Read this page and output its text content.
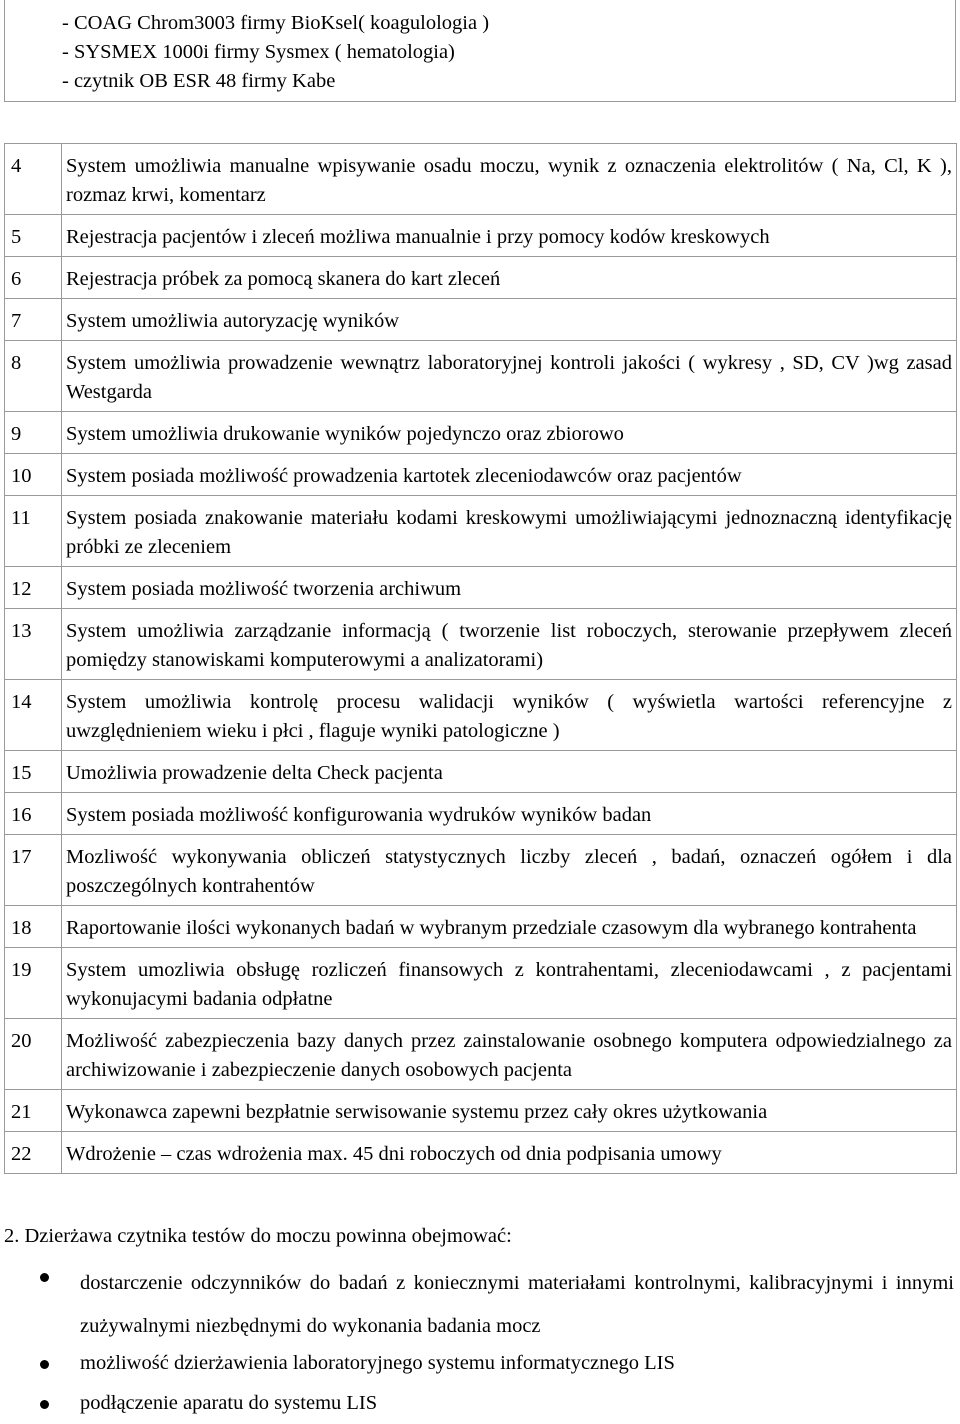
- COAG Chrom3003 firmy BioKsel( koagulologia )
- SYSMEX 1000i firmy Sysmex ( hematologia)
- czytnik OB ESR 48 firmy Kabe
4	System umożliwia manualne wpisywanie osadu moczu, wynik z oznaczenia elektrolitów ( Na, Cl, K ), rozmaz krwi, komentarz
5	Rejestracja pacjentów i zleceń możliwa manualnie i przy pomocy kodów kreskowych
6	Rejestracja próbek za pomocą skanera do kart zleceń
7	System umożliwia autoryzację wyników
8	System umożliwia prowadzenie wewnątrz laboratoryjnej kontroli jakości ( wykresy , SD, CV )wg zasad Westgarda
9	System umożliwia drukowanie wyników pojedynczo oraz zbiorowo
10	System posiada możliwość prowadzenia kartotek zleceniodawców oraz pacjentów
11	System posiada znakowanie materiału kodami kreskowymi umożliwiającymi jednoznaczną identyfikację próbki ze zleceniem
12	System posiada możliwość tworzenia archiwum
13	System umożliwia zarządzanie informacją ( tworzenie list roboczych, sterowanie przepływem zleceń pomiędzy stanowiskami komputerowymi a analizatorami)
14	System umożliwia kontrolę procesu walidacji wyników ( wyświetla wartości referencyjne z uwzględnieniem wieku i płci , flaguje wyniki patologiczne )
15	Umożliwia prowadzenie delta Check pacjenta
16	System posiada możliwość konfigurowania wydruków wyników badan
17	Mozliwość wykonywania obliczeń statystycznych liczby zleceń , badań, oznaczeń ogółem i dla poszczególnych kontrahentów
18	Raportowanie ilości wykonanych badań w wybranym przedziale czasowym dla wybranego kontrahenta
19	System umozliwia obsługę rozliczeń finansowych z kontrahentami, zleceniodawcami , z pacjentami wykonujacymi badania odpłatne
20	Możliwość zabezpieczenia bazy danych przez zainstalowanie osobnego komputera odpowiedzialnego za archiwizowanie i zabezpieczenie danych osobowych pacjenta
21	Wykonawca zapewni bezpłatnie serwisowanie systemu przez cały okres użytkowania
22	Wdrożenie – czas wdrożenia max. 45 dni roboczych od dnia podpisania umowy
2. Dzierżawa czytnika testów do moczu powinna obejmować:
dostarczenie odczynników do badań z koniecznymi materiałami kontrolnymi, kalibracyjnymi i innymi zużywalnymi niezbędnymi do wykonania badania mocz
możliwość dzierżawienia laboratoryjnego systemu informatycznego LIS
podłączenie aparatu do systemu LIS
